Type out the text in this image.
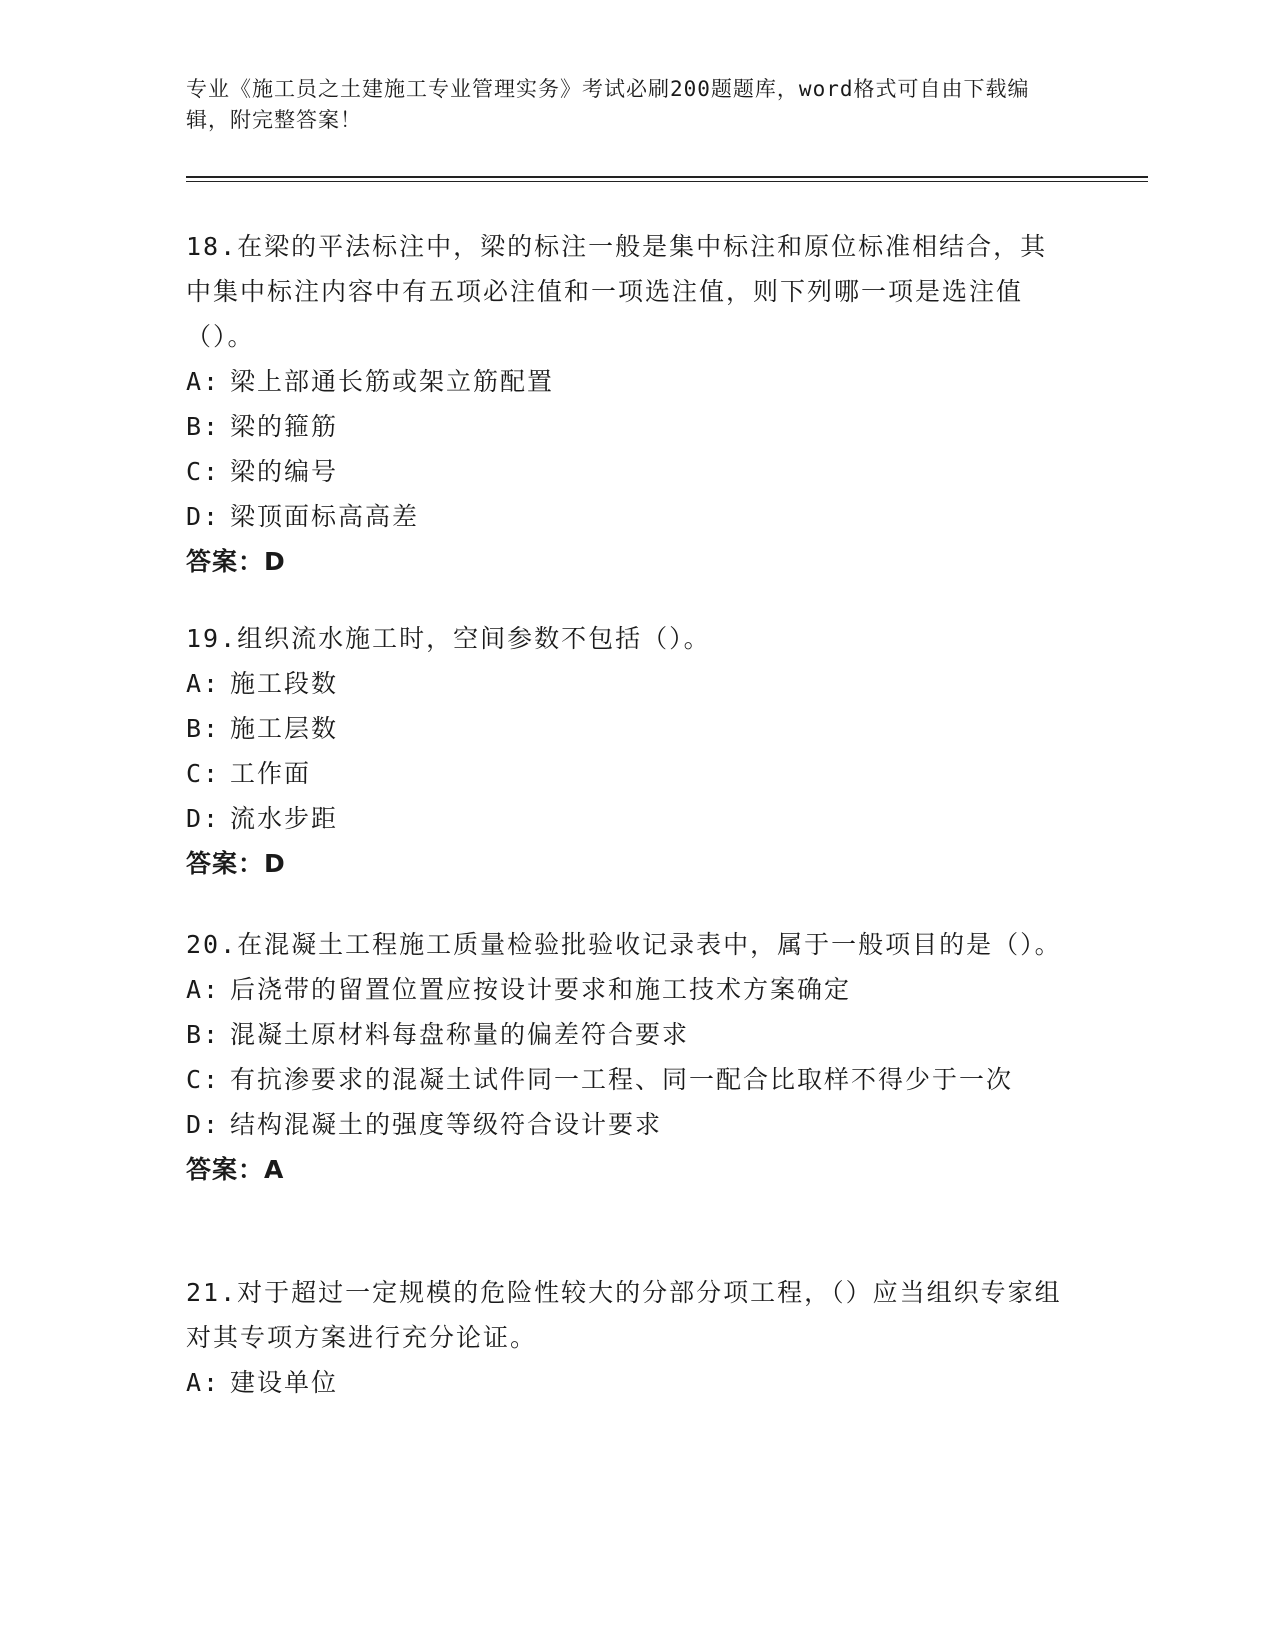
专业《施工员之土建施工专业管理实务》考试必刷200题题库，word格式可自由下载编辑，附完整答案！
18.在梁的平法标注中，梁的标注一般是集中标注和原位标准相结合，其中集中标注内容中有五项必注值和一项选注值，则下列哪一项是选注值（）。
A: 梁上部通长筋或架立筋配置
B: 梁的箍筋
C: 梁的编号
D: 梁顶面标高高差
答案：D
19.组织流水施工时，空间参数不包括（）。
A: 施工段数
B: 施工层数
C: 工作面
D: 流水步距
答案：D
20.在混凝土工程施工质量检验批验收记录表中，属于一般项目的是（）。
A: 后浇带的留置位置应按设计要求和施工技术方案确定
B: 混凝土原材料每盘称量的偏差符合要求
C: 有抗渗要求的混凝土试件同一工程、同一配合比取样不得少于一次
D: 结构混凝土的强度等级符合设计要求
答案：A
21.对于超过一定规模的危险性较大的分部分项工程，（）应当组织专家组对其专项方案进行充分论证。
A: 建设单位
